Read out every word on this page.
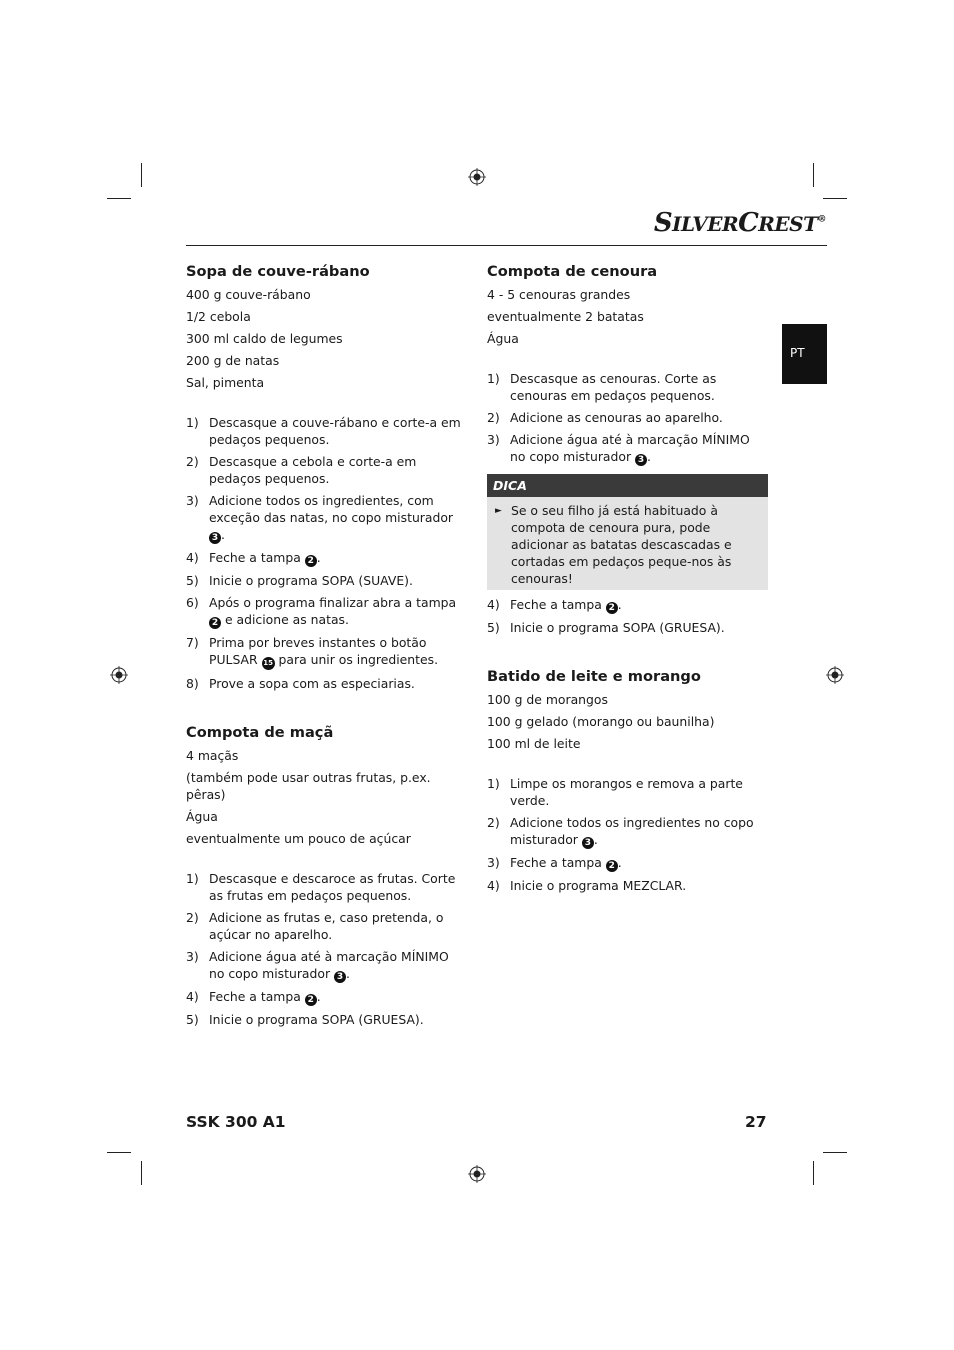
SILVERCREST®
PT
Sopa de couve-rábano
400 g couve-rábano
1/2 cebola
300 ml caldo de legumes
200 g de natas
Sal, pimenta
1) Descasque a couve-rábano e corte-a em pedaços pequenos.
2) Descasque a cebola e corte-a em pedaços pequenos.
3) Adicione todos os ingredientes, com exceção das natas, no copo misturador 3 .
4) Feche a tampa 2 .
5) Inicie o programa SOPA (SUAVE).
6) Após o programa finalizar abra a tampa 2 e adicione as natas.
7) Prima por breves instantes o botão PULSAR 15 para unir os ingredientes.
8) Prove a sopa com as especiarias.
Compota de maçã
4 maçãs
(também pode usar outras frutas, p.ex. pêras)
Água
eventualmente um pouco de açúcar
1) Descasque e descaroce as frutas. Corte as frutas em pedaços pequenos.
2) Adicione as frutas e, caso pretenda, o açúcar no aparelho.
3) Adicione água até à marcação MÍNIMO no copo misturador 3 .
4) Feche a tampa 2 .
5) Inicie o programa SOPA (GRUESA).
Compota de cenoura
4 - 5 cenouras grandes
eventualmente 2 batatas
Água
1) Descasque as cenouras. Corte as cenouras em pedaços pequenos.
2) Adicione as cenouras ao aparelho.
3) Adicione água até à marcação MÍNIMO no copo misturador 3 .
DICA
► Se o seu filho já está habituado à compota de cenoura pura, pode adicionar as batatas descascadas e cortadas em pedaços peque-nos às cenouras!
4) Feche a tampa 2 .
5) Inicie o programa SOPA (GRUESA).
Batido de leite e morango
100 g de morangos
100 g gelado (morango ou baunilha)
100 ml de leite
1) Limpe os morangos e remova a parte verde.
2) Adicione todos os ingredientes no copo misturador 3 .
3) Feche a tampa 2 .
4) Inicie o programa MEZCLAR.
SSK 300 A1	27
